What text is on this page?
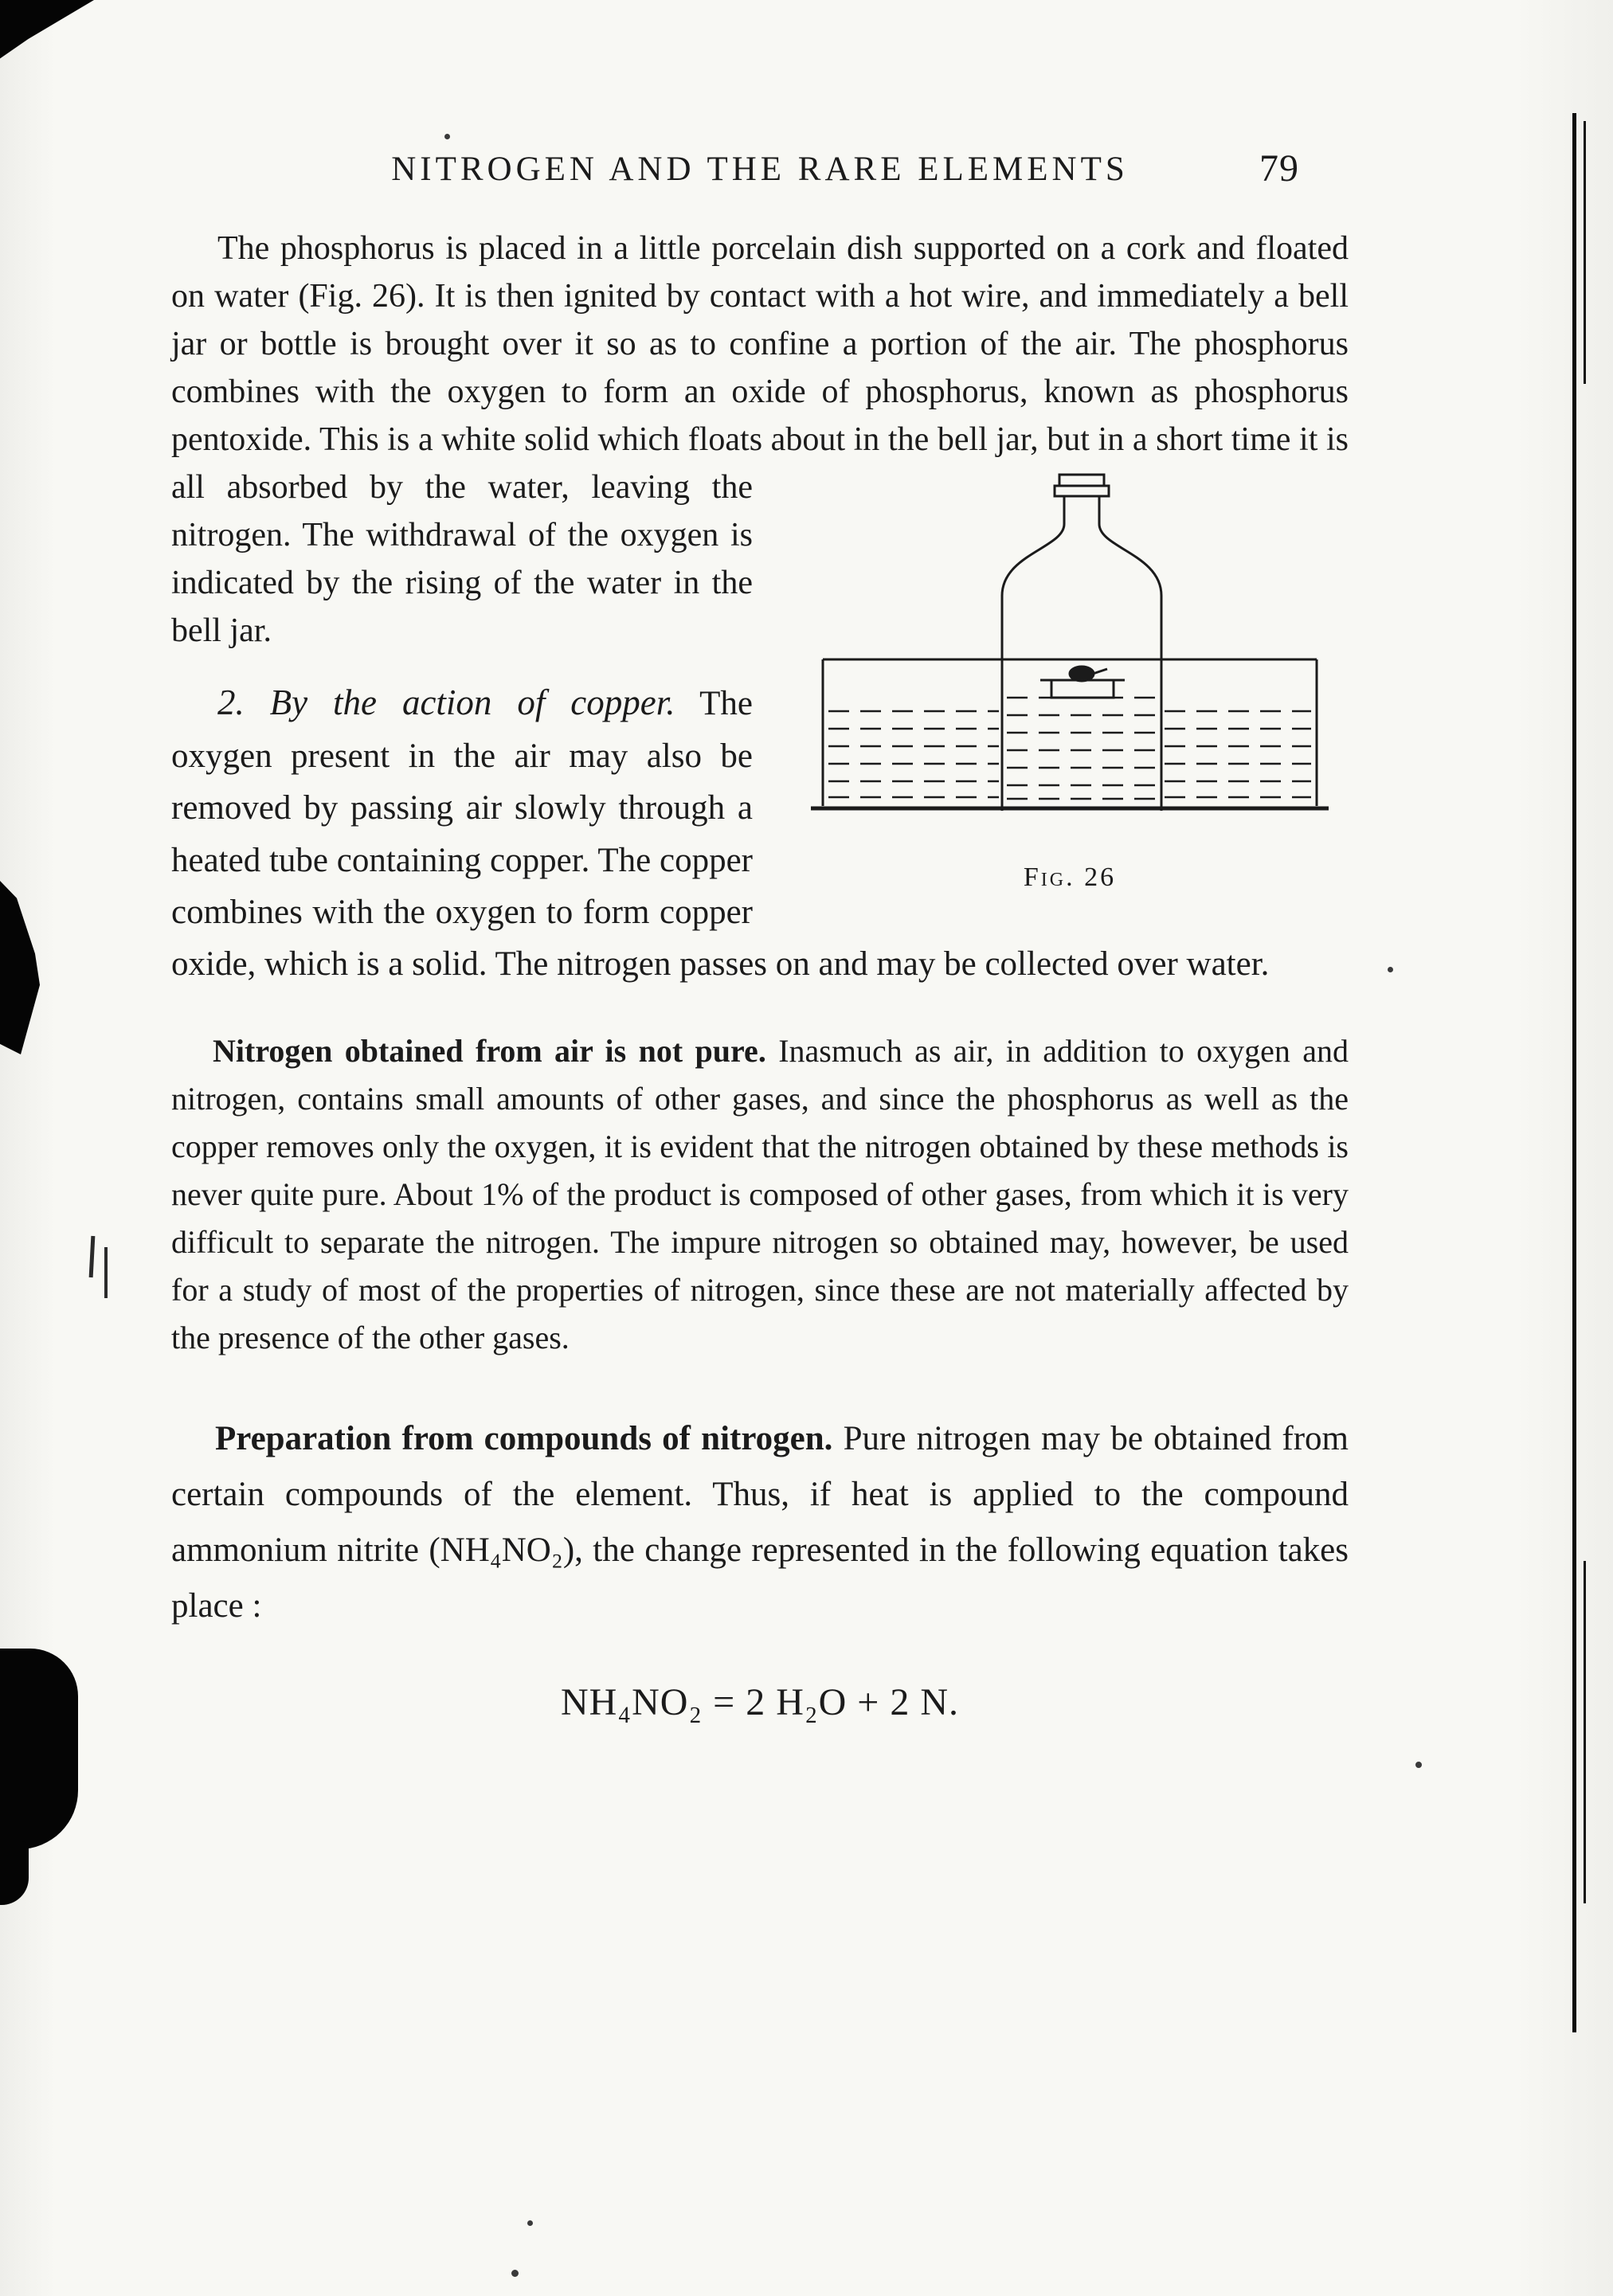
NITROGEN AND THE RARE ELEMENTS	79

The phosphorus is placed in a little porcelain dish supported on a cork and floated on water (Fig. 26). It is then ignited by contact with a hot wire, and immediately a bell jar or bottle is brought over it so as to confine a portion of the air. The phosphorus combines with the oxygen to form an oxide of phosphorus, known as phosphorus pentoxide. This is a white solid which floats about in the
Fig. 26
bell jar, but in a short time it is all absorbed by the water, leaving the nitrogen. The withdrawal of the oxygen is indicated by the rising of the water in the bell jar.

2. By the action of copper. The oxygen present in the air may also be removed by passing air slowly through a heated tube containing copper. The copper combines with the oxygen to form copper oxide, which is a solid. The nitrogen passes on and may be collected over water.

Nitrogen obtained from air is not pure. Inasmuch as air, in addition to oxygen and nitrogen, contains small amounts of other gases, and since the phosphorus as well as the copper removes only the oxygen, it is evident that the nitrogen obtained by these methods is never quite pure. About 1% of the product is composed of other gases, from which it is very difficult to separate the nitrogen. The impure nitrogen so obtained may, however, be used for a study of most of the properties of nitrogen, since these are not materially affected by the presence of the other gases.

Preparation from compounds of nitrogen. Pure nitrogen may be obtained from certain compounds of the element. Thus, if heat is applied to the compound ammonium nitrite (NH₄NO₂), the change represented in the following equation takes place :

NH₄NO₂ = 2 H₂O + 2 N.
